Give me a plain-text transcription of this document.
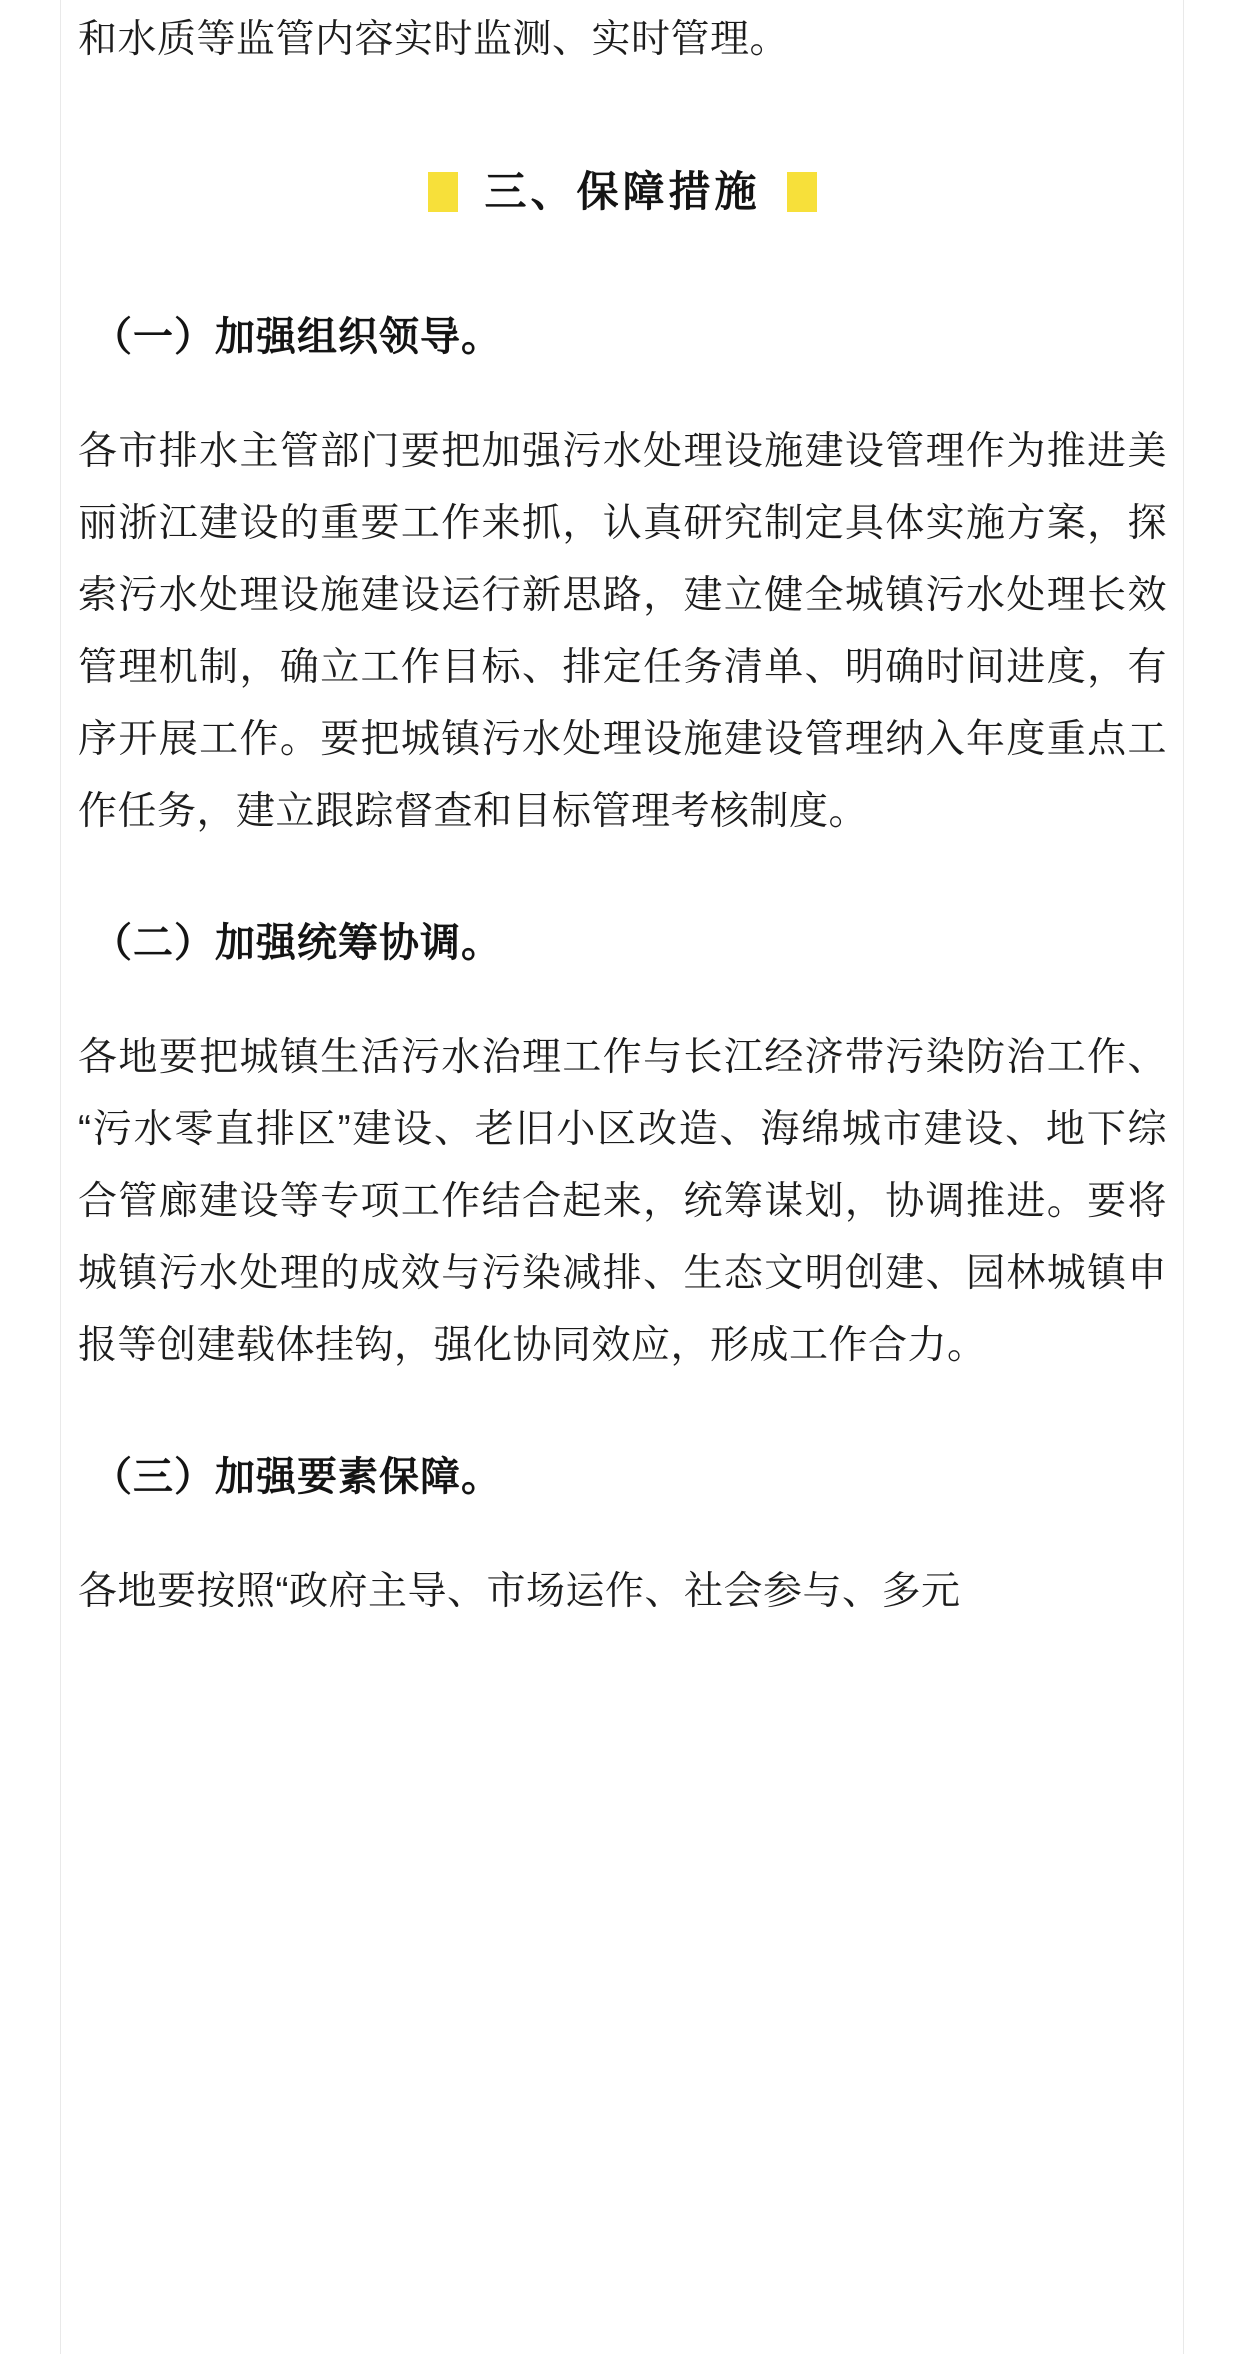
和水质等监管内容实时监测、实时管理。

三、保障措施
（一）加强组织领导。

各市排水主管部门要把加强污水处理设施建设管理作为推进美丽浙江建设的重要工作来抓，认真研究制定具体实施方案，探索污水处理设施建设运行新思路，建立健全城镇污水处理长效管理机制，确立工作目标、排定任务清单、明确时间进度，有序开展工作。要把城镇污水处理设施建设管理纳入年度重点工作任务，建立跟踪督查和目标管理考核制度。

（二）加强统筹协调。

各地要把城镇生活污水治理工作与长江经济带污染防治工作、“污水零直排区”建设、老旧小区改造、海绵城市建设、地下综合管廊建设等专项工作结合起来，统筹谋划，协调推进。要将城镇污水处理的成效与污染减排、生态文明创建、园林城镇申报等创建载体挂钩，强化协同效应，形成工作合力。

（三）加强要素保障。

各地要按照“政府主导、市场运作、社会参与、多元
